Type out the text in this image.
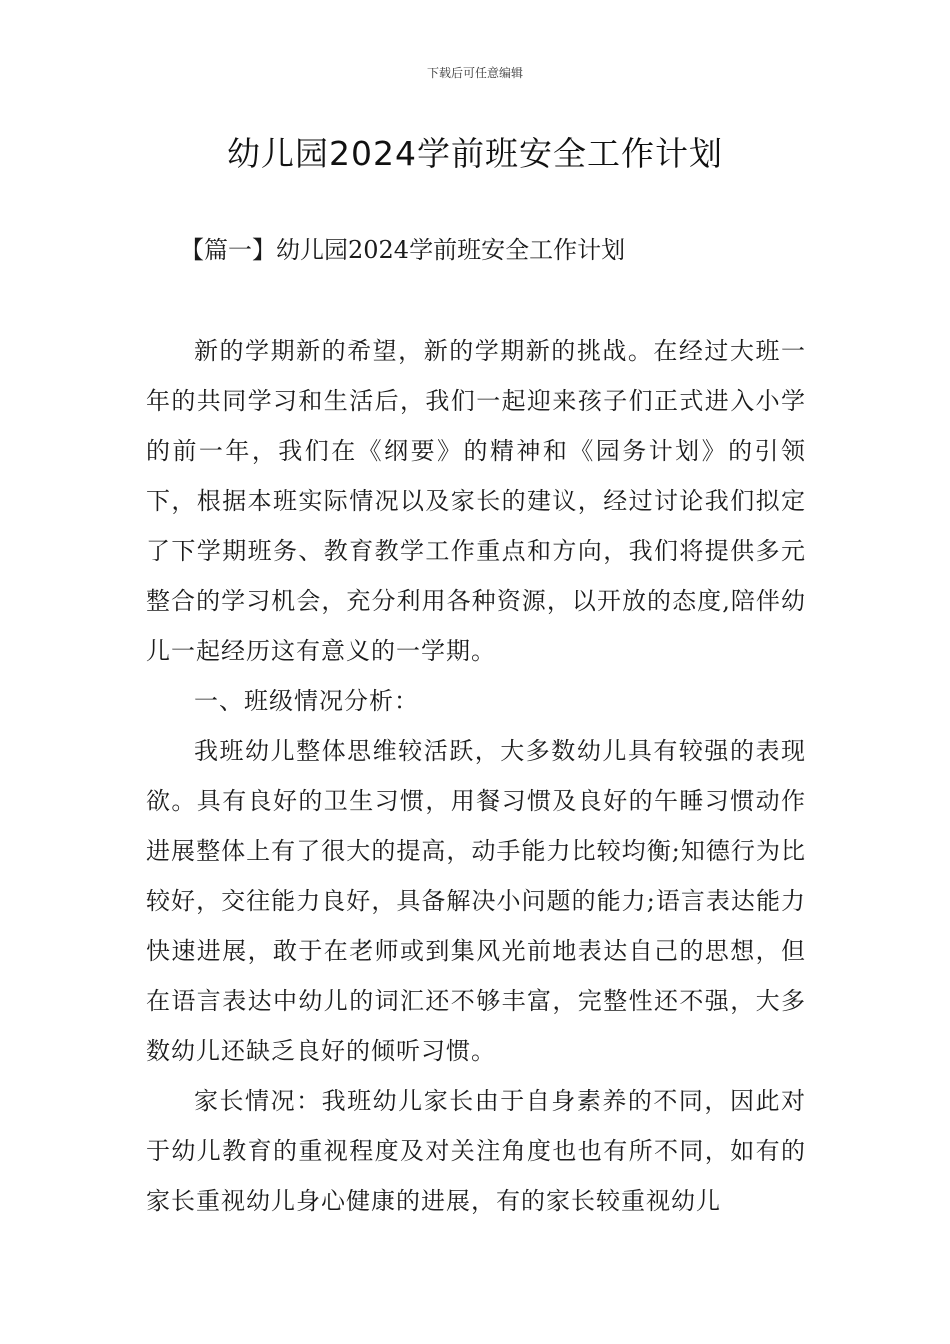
下载后可任意编辑
幼儿园2024学前班安全工作计划
【篇一】幼儿园2024学前班安全工作计划

新的学期新的希望，新的学期新的挑战。在经过大班一年的共同学习和生活后，我们一起迎来孩子们正式进入小学的前一年，我们在《纲要》的精神和《园务计划》的引领下，根据本班实际情况以及家长的建议，经过讨论我们拟定了下学期班务、教育教学工作重点和方向，我们将提供多元整合的学习机会，充分利用各种资源，以开放的态度,陪伴幼儿一起经历这有意义的一学期。

一、班级情况分析：

我班幼儿整体思维较活跃，大多数幼儿具有较强的表现欲。具有良好的卫生习惯，用餐习惯及良好的午睡习惯动作进展整体上有了很大的提高，动手能力比较均衡;知德行为比较好，交往能力良好，具备解决小问题的能力;语言表达能力快速进展，敢于在老师或到集风光前地表达自己的思想，但在语言表达中幼儿的词汇还不够丰富，完整性还不强，大多数幼儿还缺乏良好的倾听习惯。

家长情况：我班幼儿家长由于自身素养的不同，因此对于幼儿教育的重视程度及对关注角度也也有所不同，如有的家长重视幼儿身心健康的进展，有的家长较重视幼儿
